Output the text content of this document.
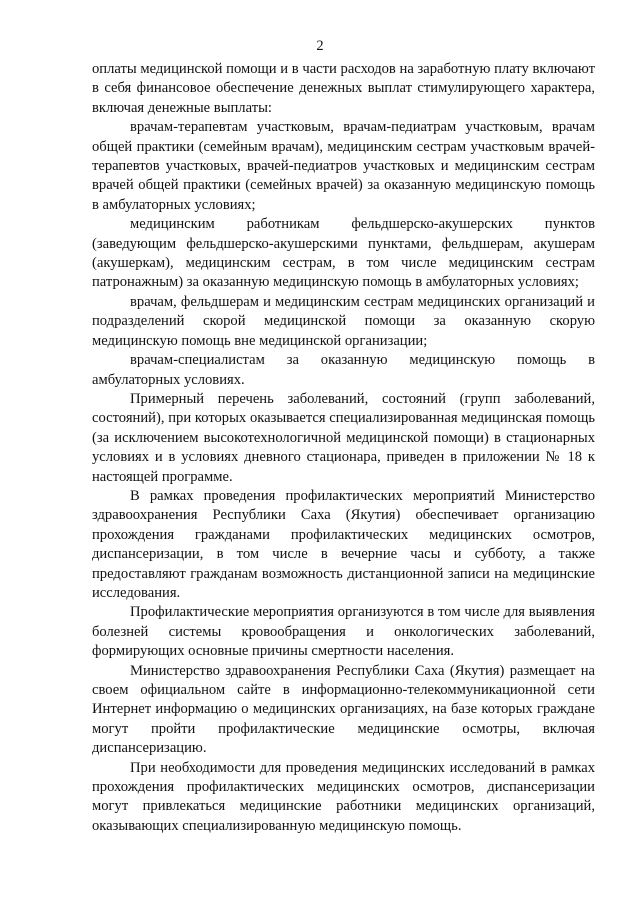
2

оплаты медицинской помощи и в части расходов на заработную плату включают в себя финансовое обеспечение денежных выплат стимулирующего характера, включая денежные выплаты:

врачам-терапевтам участковым, врачам-педиатрам участковым, врачам общей практики (семейным врачам), медицинским сестрам участковым врачей-терапевтов участковых, врачей-педиатров участковых и медицинским сестрам врачей общей практики (семейных врачей) за оказанную медицинскую помощь в амбулаторных условиях;

медицинским работникам фельдшерско-акушерских пунктов (заведующим фельдшерско-акушерскими пунктами, фельдшерам, акушерам (акушеркам), медицинским сестрам, в том числе медицинским сестрам патронажным) за оказанную медицинскую помощь в амбулаторных условиях;

врачам, фельдшерам и медицинским сестрам медицинских организаций и подразделений скорой медицинской помощи за оказанную скорую медицинскую помощь вне медицинской организации;

врачам-специалистам за оказанную медицинскую помощь в амбулаторных условиях.

Примерный перечень заболеваний, состояний (групп заболеваний, состояний), при которых оказывается специализированная медицинская помощь (за исключением высокотехнологичной медицинской помощи) в стационарных условиях и в условиях дневного стационара, приведен в приложении № 18 к настоящей программе.

В рамках проведения профилактических мероприятий Министерство здравоохранения Республики Саха (Якутия) обеспечивает организацию прохождения гражданами профилактических медицинских осмотров, диспансеризации, в том числе в вечерние часы и субботу, а также предоставляют гражданам возможность дистанционной записи на медицинские исследования.

Профилактические мероприятия организуются в том числе для выявления болезней системы кровообращения и онкологических заболеваний, формирующих основные причины смертности населения.

Министерство здравоохранения Республики Саха (Якутия) размещает на своем официальном сайте в информационно-телекоммуникационной сети Интернет информацию о медицинских организациях, на базе которых граждане могут пройти профилактические медицинские осмотры, включая диспансеризацию.

При необходимости для проведения медицинских исследований в рамках прохождения профилактических медицинских осмотров, диспансеризации могут привлекаться медицинские работники медицинских организаций, оказывающих специализированную медицинскую помощь.
